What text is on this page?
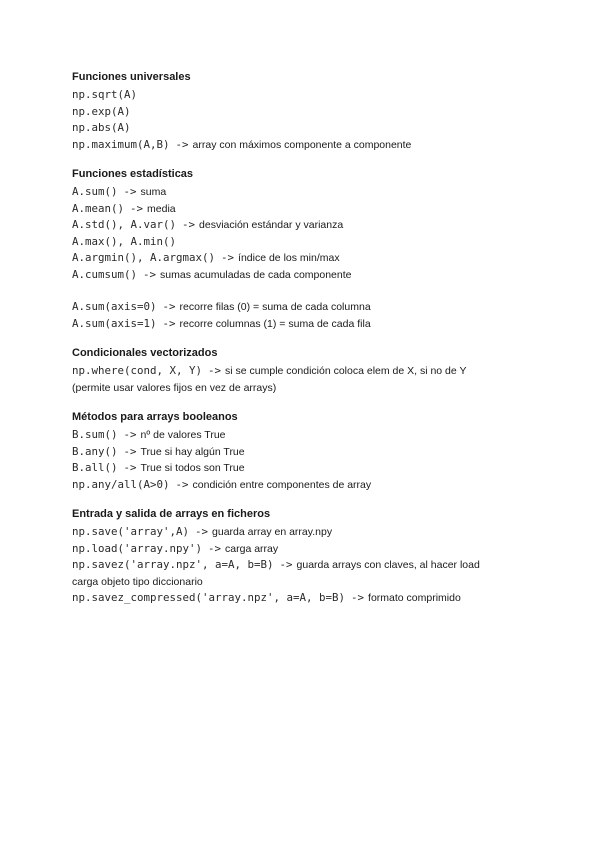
Funciones universales
np.sqrt(A)
np.exp(A)
np.abs(A)
np.maximum(A,B) -> array con máximos componente a componente
Funciones estadísticas
A.sum() -> suma
A.mean() -> media
A.std(), A.var() -> desviación estándar y varianza
A.max(), A.min()
A.argmin(), A.argmax() -> índice de los min/max
A.cumsum() -> sumas acumuladas de cada componente
A.sum(axis=0) -> recorre filas (0) = suma de cada columna
A.sum(axis=1) -> recorre columnas (1) = suma de cada fila
Condicionales vectorizados
np.where(cond, X, Y) -> si se cumple condición coloca elem de X, si no de Y
(permite usar valores fijos en vez de arrays)
Métodos para arrays booleanos
B.sum() -> nº de valores True
B.any() -> True si hay algún True
B.all() -> True si todos son True
np.any/all(A>0) -> condición entre componentes de array
Entrada y salida de arrays en ficheros
np.save('array',A) -> guarda array en array.npy
np.load('array.npy') -> carga array
np.savez('array.npz', a=A, b=B) -> guarda arrays con claves, al hacer load
carga objeto tipo diccionario
np.savez_compressed('array.npz', a=A, b=B) -> formato comprimido
